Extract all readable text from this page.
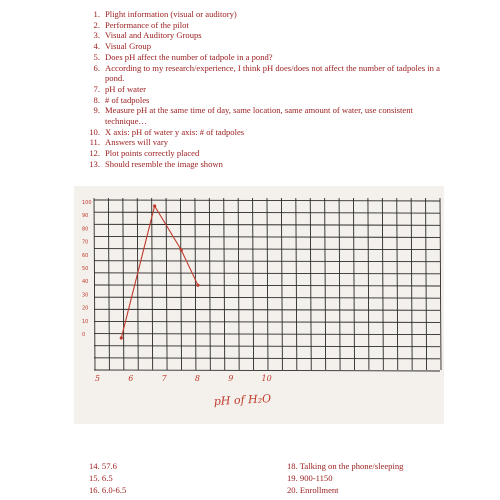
1. Plight information (visual or auditory)
2. Performance of the pilot
3. Visual and Auditory Groups
4. Visual Group
5. Does pH affect the number of tadpole in a pond?
6. According to my research/experience, I think pH does/does not affect the number of tadpoles in a pond.
7. pH of water
8. # of tadpoles
9. Measure pH at the same time of day, same location, same amount of water, use consistent technique…
10. X axis: pH of water y axis: # of tadpoles
11. Answers will vary
12. Plot points correctly placed
13. Should resemble the image shown
100
90
80
70
60
50
40
30
20
10
0
5	6	7	8	9	10
pH of H₂O
14. 57.6
15. 6.5
16. 6.0-6.5
18. Talking on the phone/sleeping
19. 900-1150
20. Enrollment
